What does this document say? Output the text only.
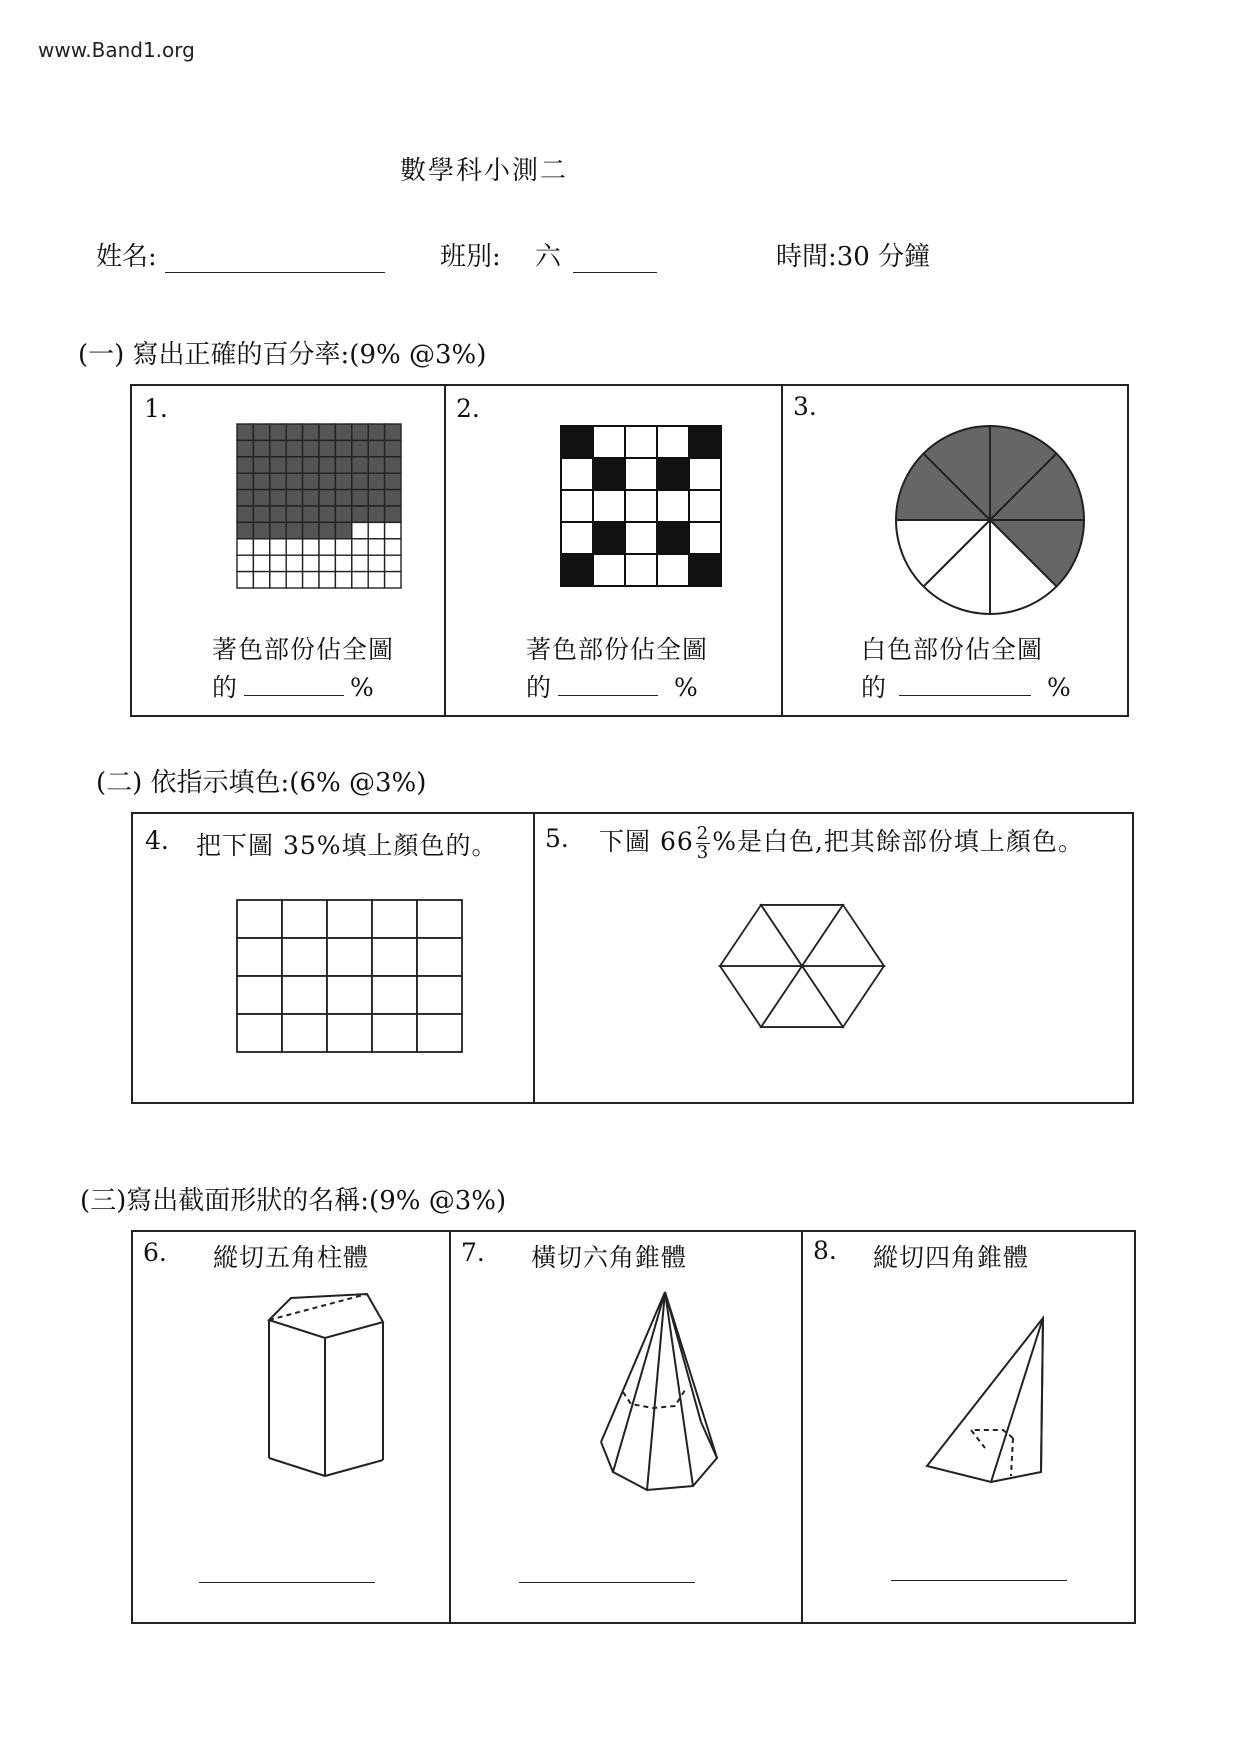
www.Band1.org
數學科小測二
姓名:	班別: 六	時間:30 分鐘
(一) 寫出正確的百分率:(9% @3%)
1.
著色部份佔全圖
的	%
2.
著色部份佔全圖
的	%
3.
白色部份佔全圖
的	%
(二) 依指示填色:(6% @3%)
4. 把下圖 35%填上顏色的。 5. 下圖 $66 \frac{2}{3}$ %是白色,把其餘部份填上顏色。
(三)寫出截面形狀的名稱:(9% @3%)
6. 縱切五角柱體	7. 橫切六角錐體	8. 縱切四角錐體
